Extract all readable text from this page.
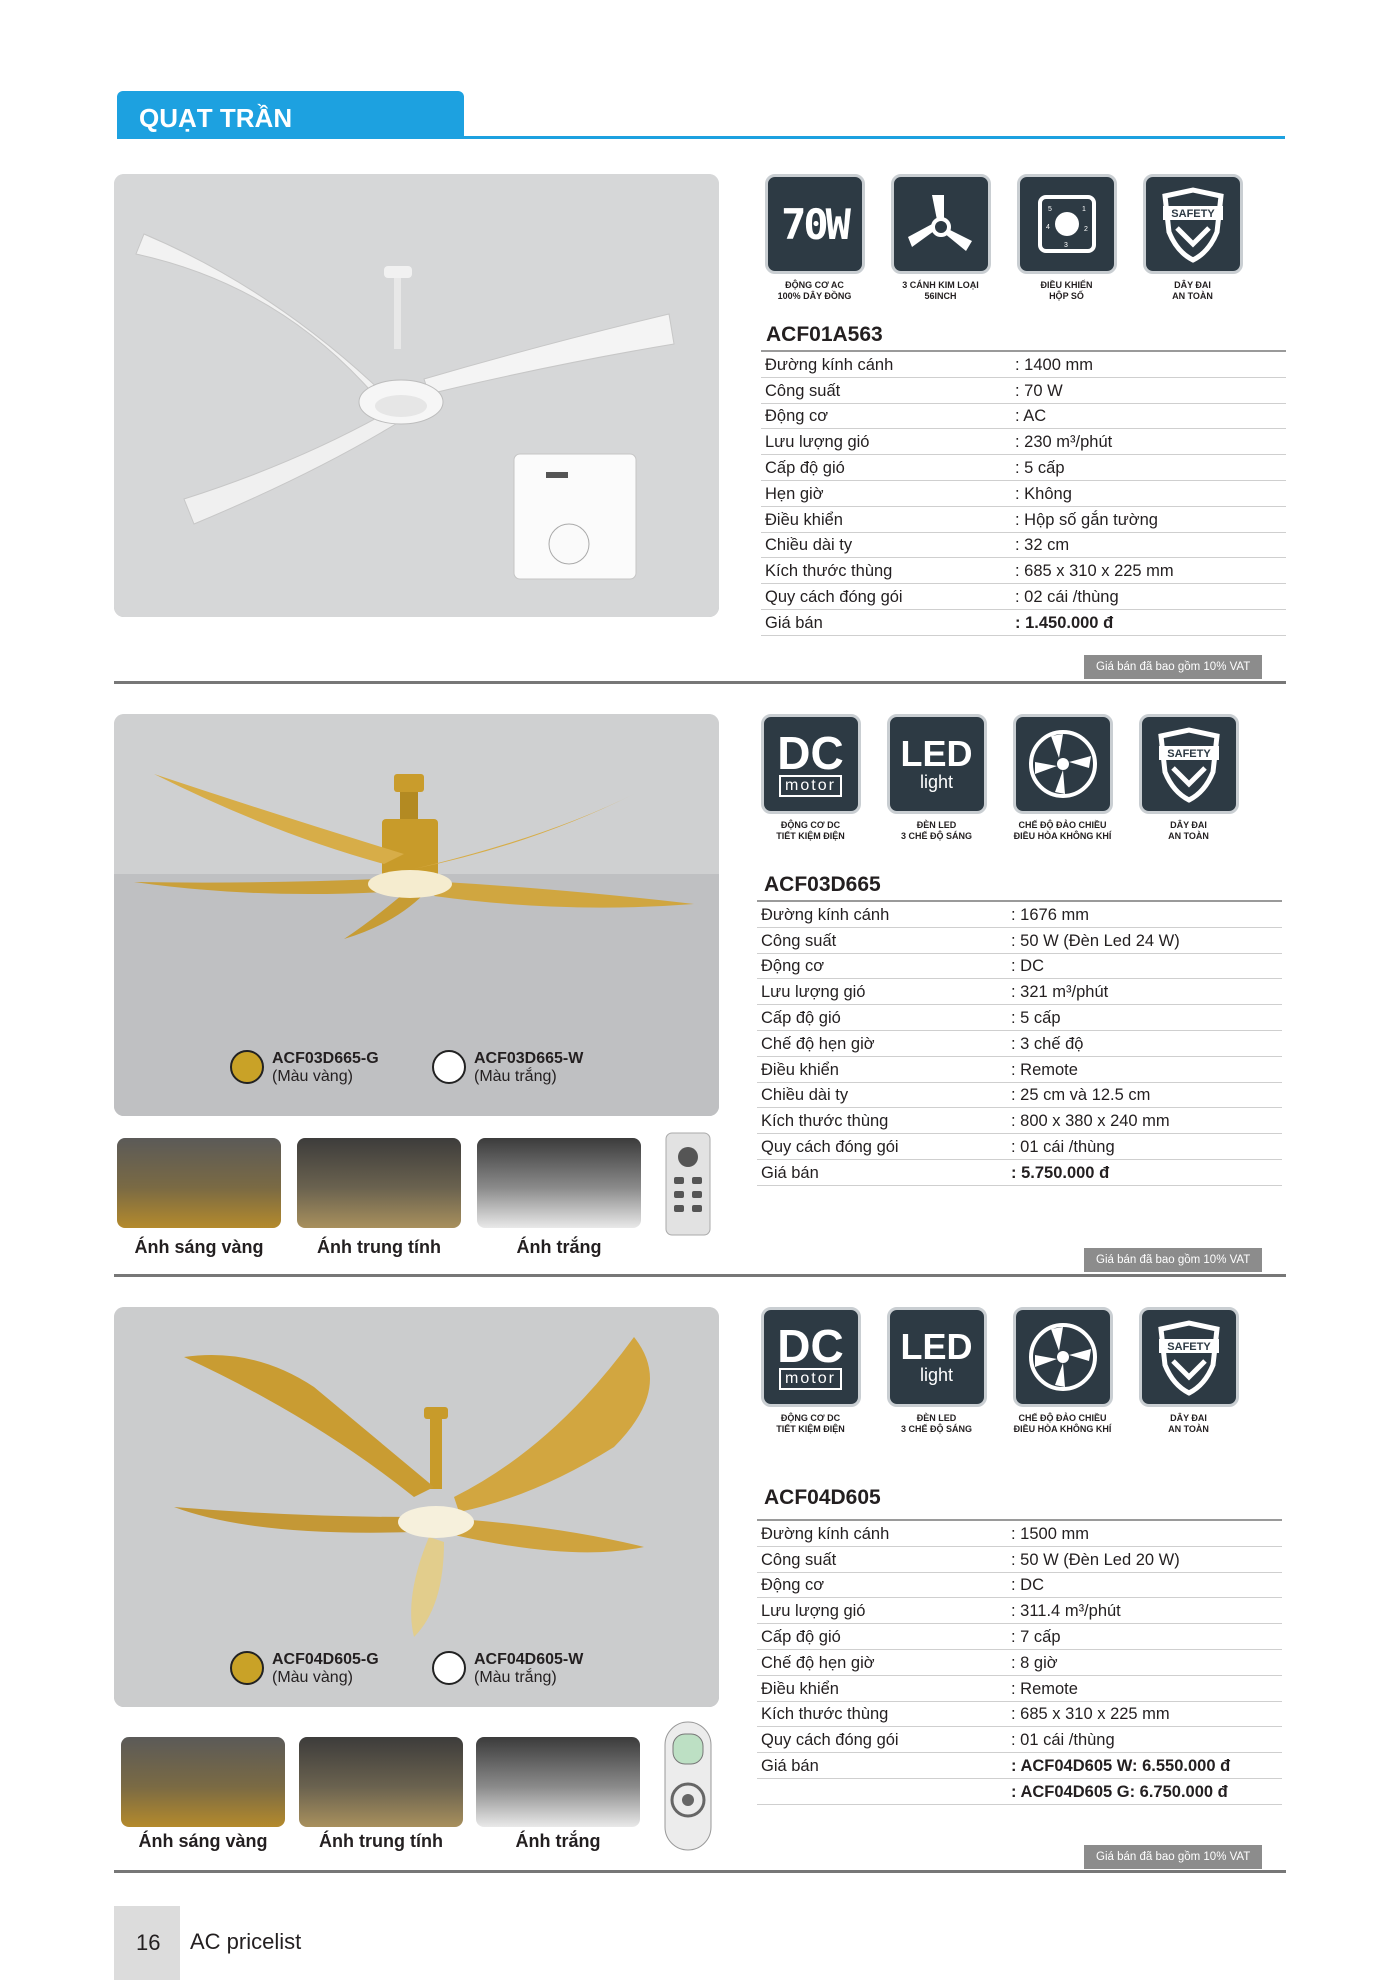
QUẠT TRẦN
70W
ĐỘNG CƠ AC
100% DÂY ĐỒNG
3 CÁNH KIM LOẠI
56INCH
5	1
4	2
3
ĐIỀU KHIỂN
HỘP SỐ
SAFETY
DÂY ĐAI
AN TOÀN
ACF01A563
Đường kính cánh	: 1400 mm
Công suất	: 70 W
Động cơ	: AC
Lưu lượng gió	: 230 m³/phút
Cấp độ gió	: 5 cấp
Hẹn giờ	: Không
Điều khiển	: Hộp số gắn tường
Chiều dài ty	: 32 cm
Kích thước thùng	: 685 x 310 x 225 mm
Quy cách đóng gói	: 02 cái /thùng
Giá bán	: 1.450.000 đ
Giá bán đã bao gồm 10% VAT
ACF03D665-G
(Màu vàng)
ACF03D665-W
(Màu trắng)
Ánh sáng vàng	Ánh trung tính	Ánh trắng
DC
motor
ĐỘNG CƠ DC
TIẾT KIỆM ĐIỆN
LED
light
ĐÈN LED
3 CHẾ ĐỘ SÁNG
CHẾ ĐỘ ĐẢO CHIỀU
ĐIỀU HÒA KHÔNG KHÍ
SAFETY
DÂY ĐAI
AN TOÀN
ACF03D665
Đường kính cánh	: 1676 mm
Công suất	: 50 W (Đèn Led 24 W)
Động cơ	: DC
Lưu lượng gió	: 321 m³/phút
Cấp độ gió	: 5 cấp
Chế độ hẹn giờ	: 3 chế độ
Điều khiển	: Remote
Chiều dài ty	: 25 cm và 12.5 cm
Kích thước thùng	: 800 x 380 x 240 mm
Quy cách đóng gói	: 01 cái /thùng
Giá bán	: 5.750.000 đ
Giá bán đã bao gồm 10% VAT
ACF04D605-G
(Màu vàng)
ACF04D605-W
(Màu trắng)
Ánh sáng vàng	Ánh trung tính	Ánh trắng
DC
motor
ĐỘNG CƠ DC
TIẾT KIỆM ĐIỆN
LED
light
ĐÈN LED
3 CHẾ ĐỘ SÁNG
CHẾ ĐỘ ĐẢO CHIỀU
ĐIỀU HÒA KHÔNG KHÍ
SAFETY
DÂY ĐAI
AN TOÀN
ACF04D605
Đường kính cánh	: 1500 mm
Công suất	: 50 W (Đèn Led 20 W)
Động cơ	: DC
Lưu lượng gió	: 311.4 m³/phút
Cấp độ gió	: 7 cấp
Chế độ hẹn giờ	: 8 giờ
Điều khiển	: Remote
Kích thước thùng	: 685 x 310 x 225 mm
Quy cách đóng gói	: 01 cái /thùng
Giá bán	: ACF04D605 W: 6.550.000 đ
: ACF04D605 G: 6.750.000 đ
Giá bán đã bao gồm 10% VAT
16	AC pricelist
